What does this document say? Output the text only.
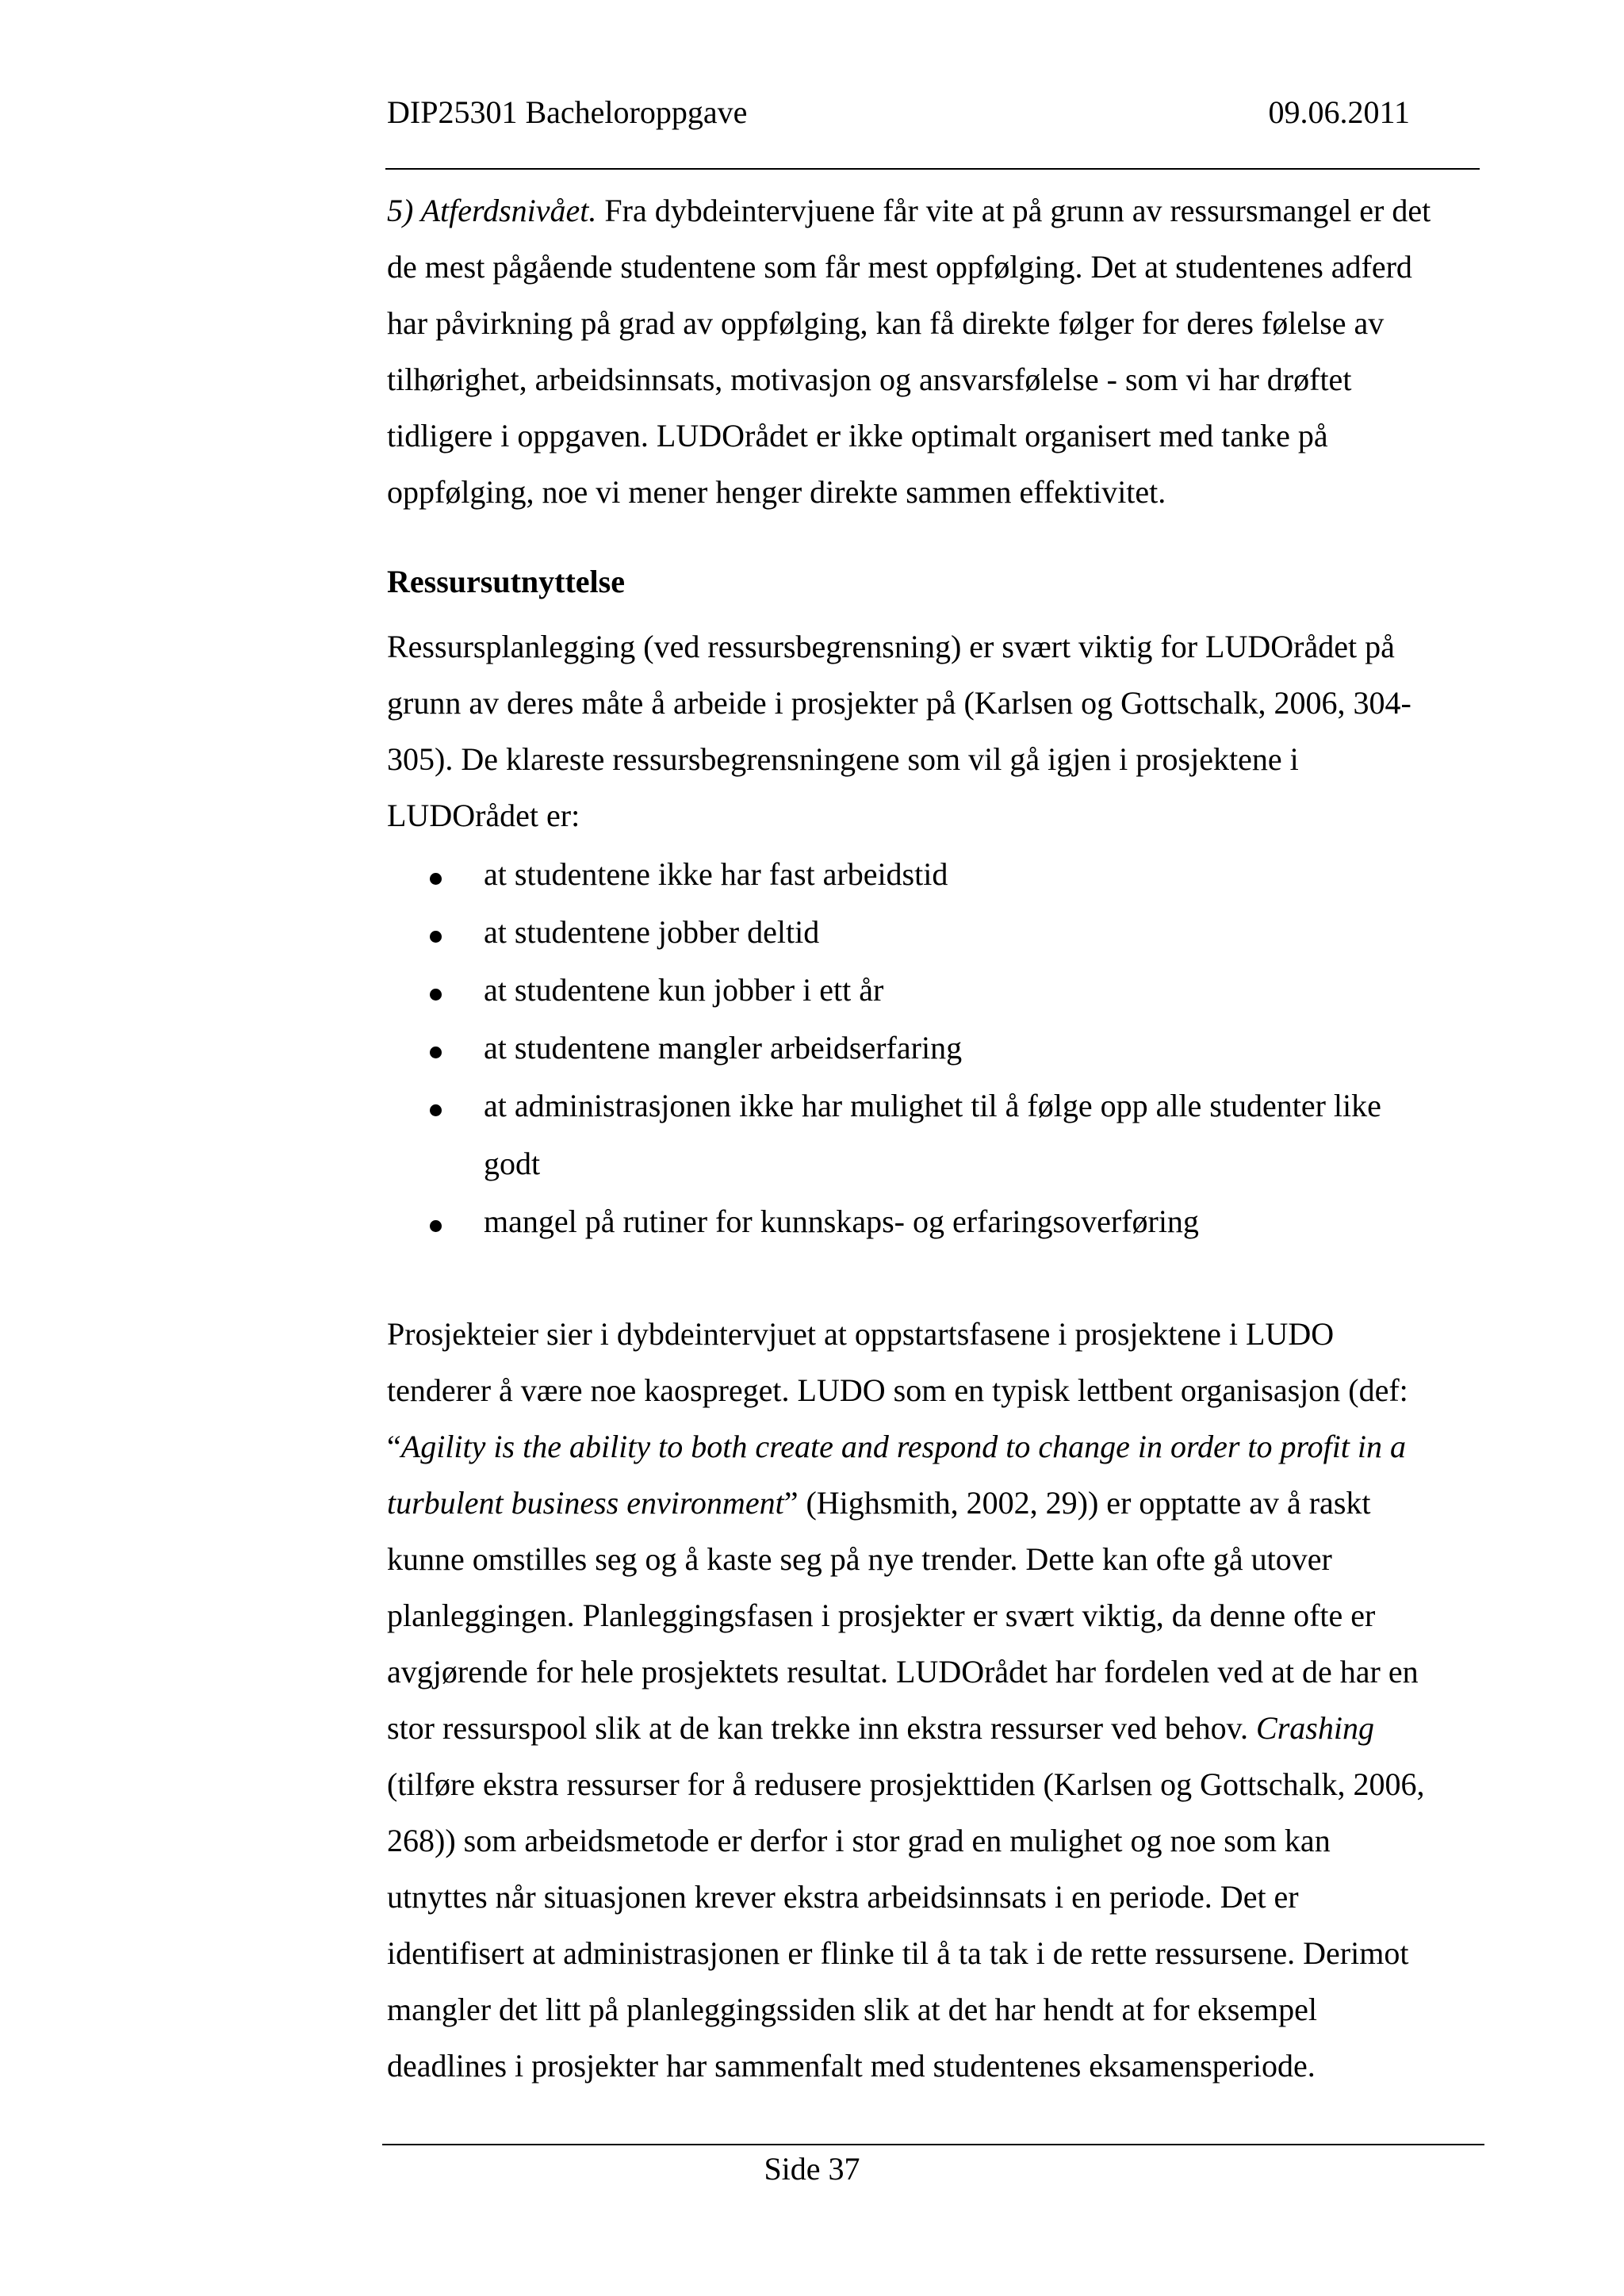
DIP25301 Bacheloroppgave	09.06.2011
5) Atferdsnivået. Fra dybdeintervjuene får vite at på grunn av ressursmangel er det
de mest pågående studentene som får mest oppfølging. Det at studentenes adferd
har påvirkning på grad av oppfølging, kan få direkte følger for deres følelse av
tilhørighet, arbeidsinnsats, motivasjon og ansvarsfølelse - som vi har drøftet
tidligere i oppgaven. LUDOrådet er ikke optimalt organisert med tanke på
oppfølging, noe vi mener henger direkte sammen effektivitet.
Ressursutnyttelse
Ressursplanlegging (ved ressursbegrensning) er svært viktig for LUDOrådet på
grunn av deres måte å arbeide i prosjekter på (Karlsen og Gottschalk, 2006, 304-
305). De klareste ressursbegrensningene som vil gå igjen i prosjektene i
LUDOrådet er:
at studentene ikke har fast arbeidstid
at studentene jobber deltid
at studentene kun jobber i ett år
at studentene mangler arbeidserfaring
at administrasjonen ikke har mulighet til å følge opp alle studenter like
godt
mangel på rutiner for kunnskaps- og erfaringsoverføring
Prosjekteier sier i dybdeintervjuet at oppstartsfasene i prosjektene i LUDO
tenderer å være noe kaospreget. LUDO som en typisk lettbent organisasjon (def:
“Agility is the ability to both create and respond to change in order to profit in a
turbulent business environment” (Highsmith, 2002, 29)) er opptatte av å raskt
kunne omstilles seg og å kaste seg på nye trender. Dette kan ofte gå utover
planleggingen. Planleggingsfasen i prosjekter er svært viktig, da denne ofte er
avgjørende for hele prosjektets resultat. LUDOrådet har fordelen ved at de har en
stor ressurspool slik at de kan trekke inn ekstra ressurser ved behov. Crashing
(tilføre ekstra ressurser for å redusere prosjekttiden (Karlsen og Gottschalk, 2006,
268)) som arbeidsmetode er derfor i stor grad en mulighet og noe som kan
utnyttes når situasjonen krever ekstra arbeidsinnsats i en periode. Det er
identifisert at administrasjonen er flinke til å ta tak i de rette ressursene. Derimot
mangler det litt på planleggingssiden slik at det har hendt at for eksempel
deadlines i prosjekter har sammenfalt med studentenes eksamensperiode.
Side 37
